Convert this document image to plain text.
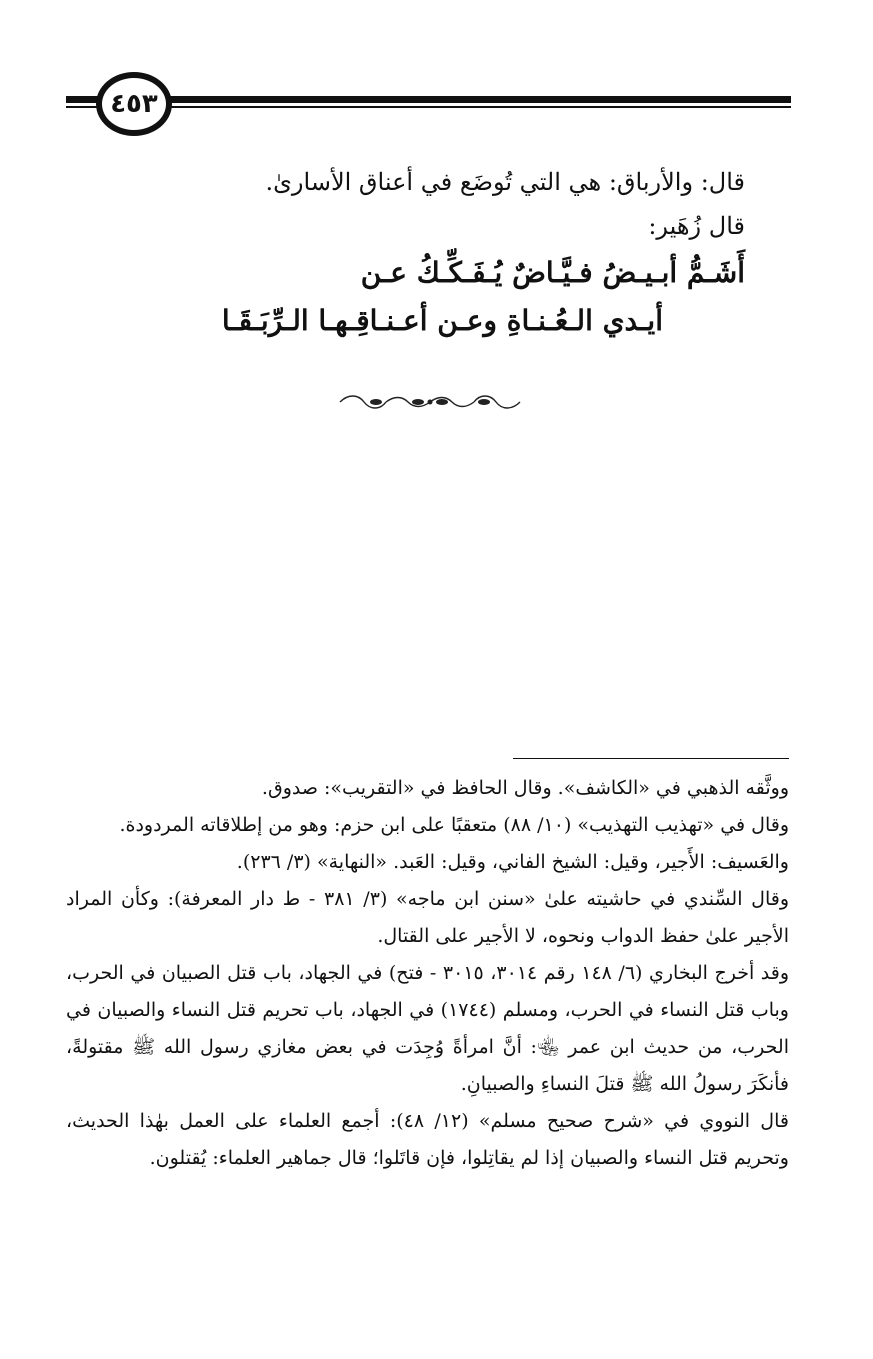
٤٥٣
قال: والأرباق: هي التي تُوضَع في أعناق الأسارىٰ.
قال زُهَير:
أَشَـمُّ أبـيـضُ فـيَّـاضٌ يُـفَـكِّـكُ عـن
أيـدي الـعُـنـاةِ وعـن أعـنـاقِـهـا الـرِّبَـقَـا

ووثَّقه الذهبي في «الكاشف». وقال الحافظ في «التقريب»: صدوق.

وقال في «تهذيب التهذيب» (١٠/ ٨٨) متعقبًا على ابن حزم: وهو من إطلاقاته المردودة.

والعَسيف: الأَجير، وقيل: الشيخ الفاني، وقيل: العَبد. «النهاية» (٣/ ٢٣٦).

وقال السِّندي في حاشيته علىٰ «سنن ابن ماجه» (٣/ ٣٨١ - ط دار المعرفة): وكأن المراد الأجير علىٰ حفظ الدواب ونحوه، لا الأجير على القتال.

وقد أخرج البخاري (٦/ ١٤٨ رقم ٣٠١٤، ٣٠١٥ - فتح) في الجهاد، باب قتل الصبيان في الحرب، وباب قتل النساء في الحرب، ومسلم (١٧٤٤) في الجهاد، باب تحريم قتل النساء والصبيان في الحرب، من حديث ابن عمر ﵄: أنَّ امرأةً وُجِدَت في بعض مغازي رسول الله ﷺ مقتولةً، فأنكَرَ رسولُ الله ﷺ قتلَ النساءِ والصبيانِ.

قال النووي في «شرح صحيح مسلم» (١٢/ ٤٨): أجمع العلماء على العمل بهٰذا الحديث، وتحريم قتل النساء والصبيان إذا لم يقاتِلوا، فإن قاتَلوا؛ قال جماهير العلماء: يُقتلون.
